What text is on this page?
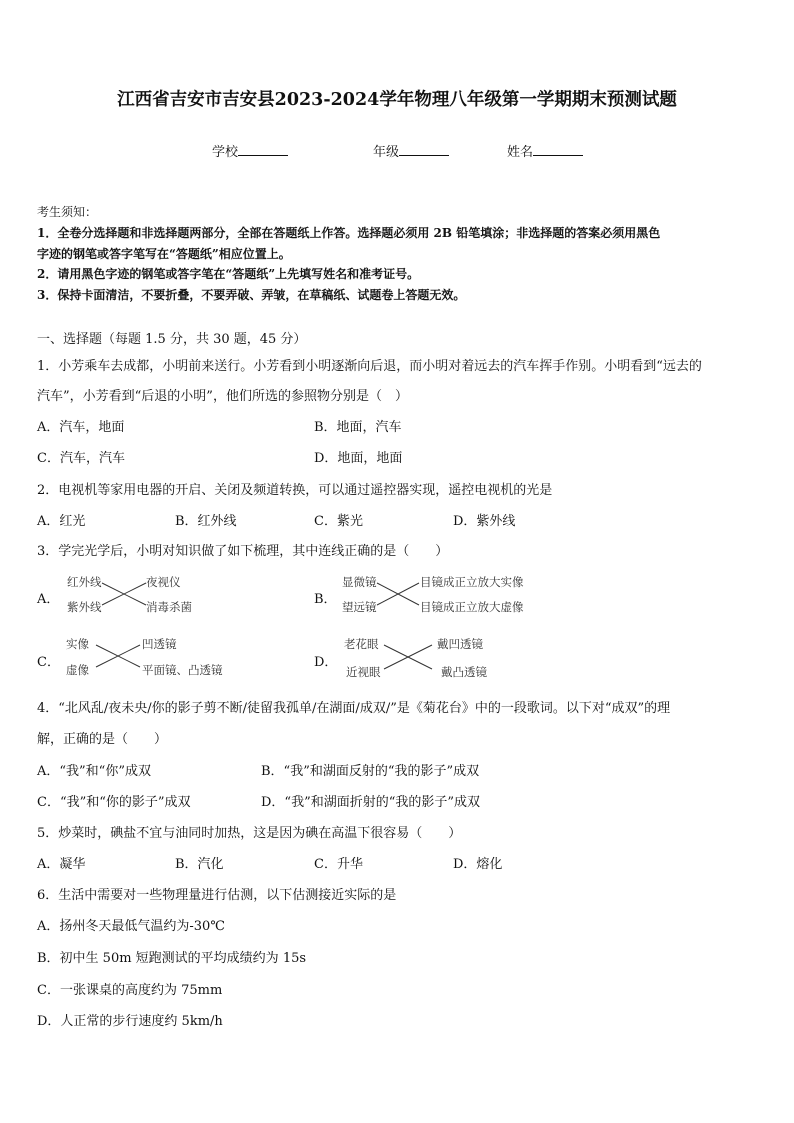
江西省吉安市吉安县2023-2024学年物理八年级第一学期期末预测试题
学校	年级	姓名
考生须知：
1．全卷分选择题和非选择题两部分，全部在答题纸上作答。选择题必须用 2B 铅笔填涂；非选择题的答案必须用黑色
字迹的钢笔或答字笔写在“答题纸”相应位置上。
2．请用黑色字迹的钢笔或答字笔在“答题纸”上先填写姓名和准考证号。
3．保持卡面清洁，不要折叠，不要弄破、弄皱，在草稿纸、试题卷上答题无效。
一、选择题（每题 1.5 分，共 30 题，45 分）
1．小芳乘车去成都，小明前来送行。小芳看到小明逐渐向后退，而小明对着远去的汽车挥手作别。小明看到“远去的
汽车”，小芳看到“后退的小明”，他们所选的参照物分别是（　）
A．汽车，地面	B．地面，汽车
C．汽车，汽车	D．地面，地面
2．电视机等家用电器的开启、关闭及频道转换，可以通过遥控器实现，遥控电视机的光是
A．红光	B．红外线	C．紫光	D．紫外线
3．学完光学后，小明对知识做了如下梳理，其中连线正确的是（　　）
A．
红外线
紫外线
夜视仪
消毒杀菌	B．
显微镜
望远镜
目镜成正立放大实像
目镜成正立放大虚像
C．
实像
虚像
凹透镜
平面镜、凸透镜	D．
老花眼
近视眼
戴凹透镜
戴凸透镜
4．“北风乱/夜未央/你的影子剪不断/徒留我孤单/在湖面/成双/”是《菊花台》中的一段歌词。以下对“成双”的理
解，正确的是（　　）
A．“我”和“你”成双	B．“我”和湖面反射的“我的影子”成双
C．“我”和“你的影子”成双	D．“我”和湖面折射的“我的影子”成双
5．炒菜时，碘盐不宜与油同时加热，这是因为碘在高温下很容易（　　）
A．凝华	B．汽化	C．升华	D．熔化
6．生活中需要对一些物理量进行估测，以下估测接近实际的是
A．扬州冬天最低气温约为-30℃
B．初中生 50m 短跑测试的平均成绩约为 15s
C．一张课桌的高度约为 75mm
D．人正常的步行速度约 5km/h
